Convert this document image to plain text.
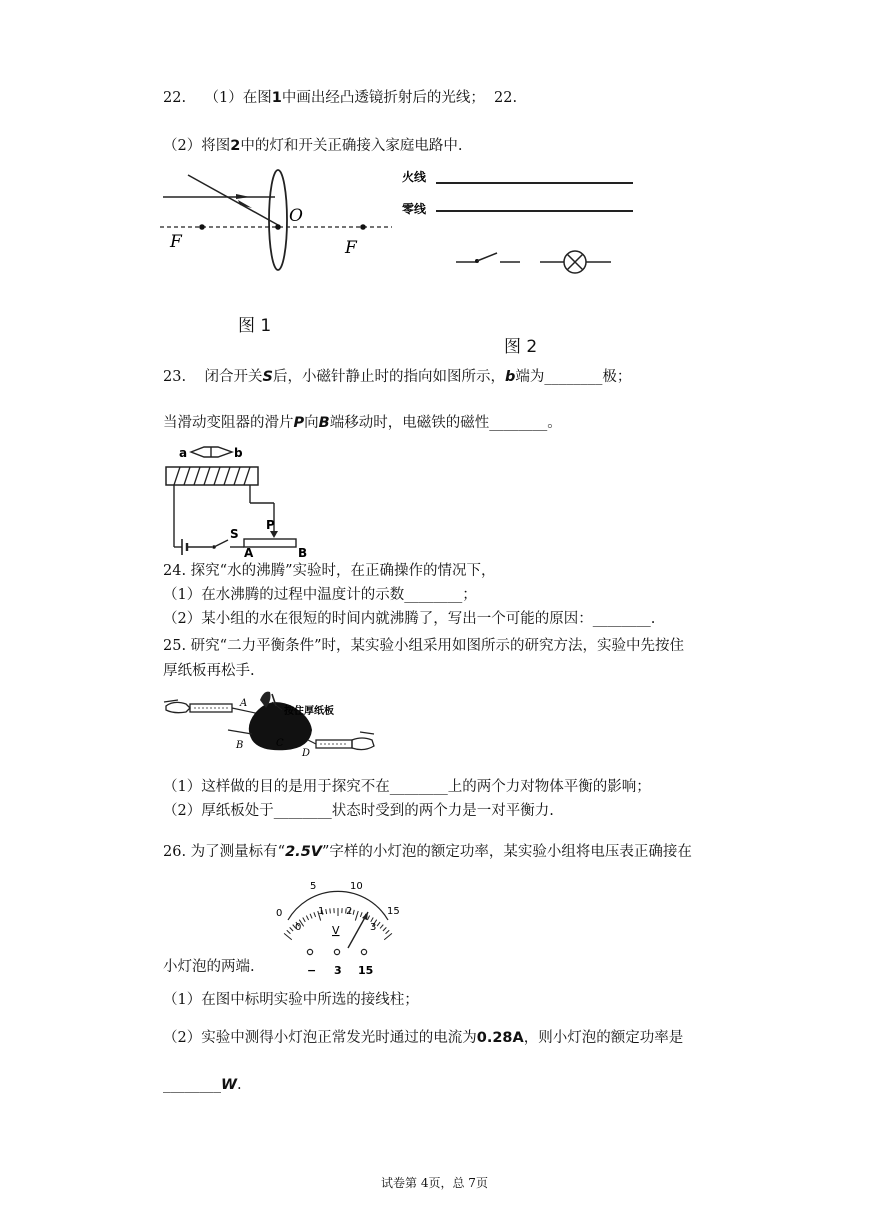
22. （1）在图1中画出经凸透镜折射后的光线； 22.
（2）将图2中的灯和开关正确接入家庭电路中.
F
O
F
图 1
火线
零线
图 2
23. 闭合开关S后，小磁针静止时的指向如图所示，b端为________极；
当滑动变阻器的滑片P向B端移动时，电磁铁的磁性________。
a	b
S
P
A	B
24. 探究“水的沸腾”实验时，在正确操作的情况下，
（1）在水沸腾的过程中温度计的示数________；
（2）某小组的水在很短的时间内就沸腾了，写出一个可能的原因：________.
25. 研究“二力平衡条件”时，某实验小组采用如图所示的研究方法，实验中先按住
厚纸板再松手.
A
按住厚纸板
B	C
D
（1）这样做的目的是用于探究不在________上的两个力对物体平衡的影响；
（2）厚纸板处于________状态时受到的两个力是一对平衡力.
26. 为了测量标有“2.5V”字样的小灯泡的额定功率，某实验小组将电压表正确接在
0
5	10
15
0
1 2
3
V
− 3 15
小灯泡的两端.
（1）在图中标明实验中所选的接线柱；
（2）实验中测得小灯泡正常发光时通过的电流为0.28A，则小灯泡的额定功率是
________W.
试卷第 4页，总 7页
